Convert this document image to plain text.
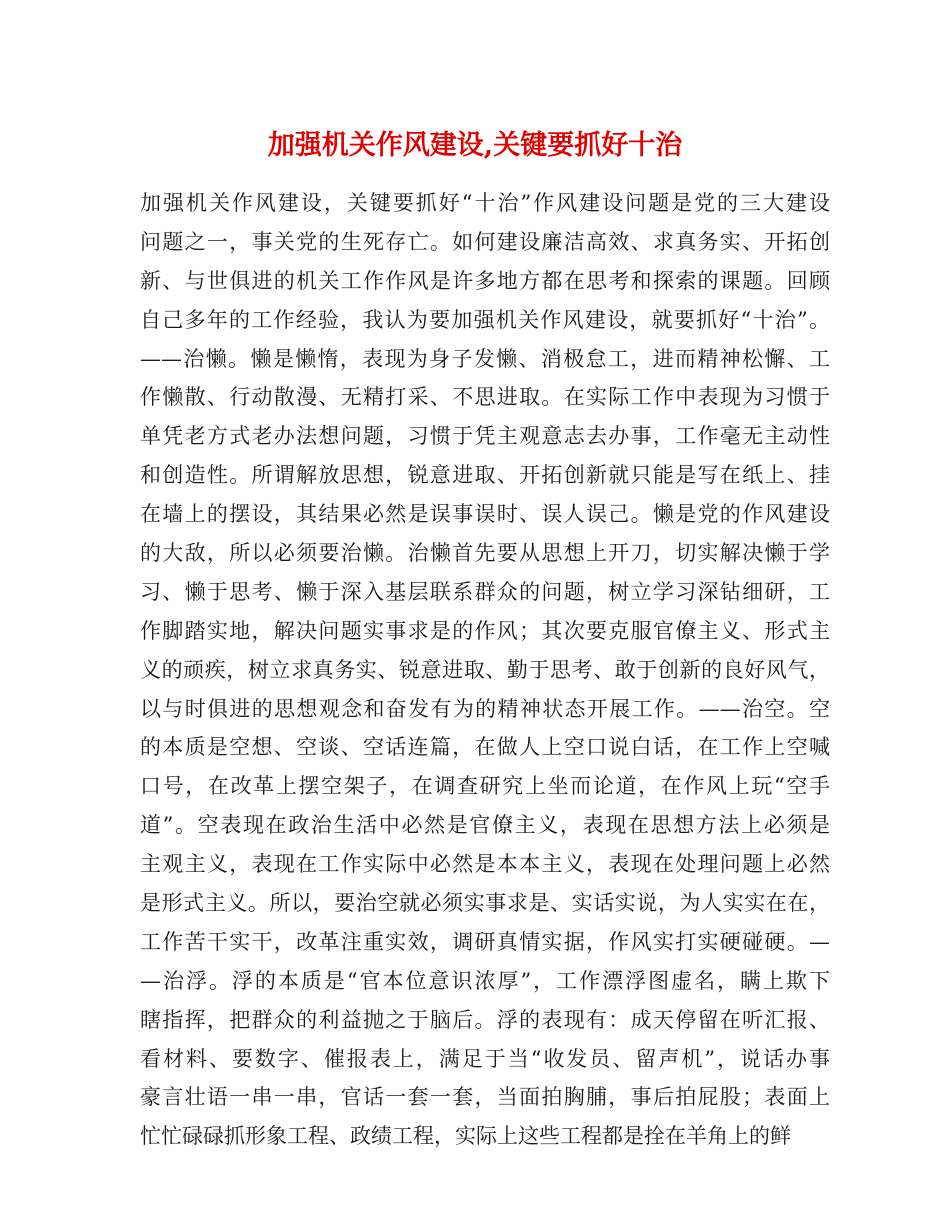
加强机关作风建设,关键要抓好十治
加强机关作风建设，关键要抓好“十治”作风建设问题是党的三大建设
问题之一，事关党的生死存亡。如何建设廉洁高效、求真务实、开拓创
新、与世俱进的机关工作作风是许多地方都在思考和探索的课题。回顾
自己多年的工作经验，我认为要加强机关作风建设，就要抓好“十治”。
——治懒。懒是懒惰，表现为身子发懒、消极怠工，进而精神松懈、工
作懒散、行动散漫、无精打采、不思进取。在实际工作中表现为习惯于
单凭老方式老办法想问题，习惯于凭主观意志去办事，工作毫无主动性
和创造性。所谓解放思想，锐意进取、开拓创新就只能是写在纸上、挂
在墙上的摆设，其结果必然是误事误时、误人误己。懒是党的作风建设
的大敌，所以必须要治懒。治懒首先要从思想上开刀，切实解决懒于学
习、懒于思考、懒于深入基层联系群众的问题，树立学习深钻细研，工
作脚踏实地，解决问题实事求是的作风；其次要克服官僚主义、形式主
义的顽疾，树立求真务实、锐意进取、勤于思考、敢于创新的良好风气，
以与时俱进的思想观念和奋发有为的精神状态开展工作。——治空。空
的本质是空想、空谈、空话连篇，在做人上空口说白话，在工作上空喊
口号，在改革上摆空架子，在调查研究上坐而论道，在作风上玩“空手
道”。空表现在政治生活中必然是官僚主义，表现在思想方法上必须是
主观主义，表现在工作实际中必然是本本主义，表现在处理问题上必然
是形式主义。所以，要治空就必须实事求是、实话实说，为人实实在在，
工作苦干实干，改革注重实效，调研真情实据，作风实打实硬碰硬。—
—治浮。浮的本质是“官本位意识浓厚”，工作漂浮图虚名，瞒上欺下
瞎指挥，把群众的利益抛之于脑后。浮的表现有：成天停留在听汇报、
看材料、要数字、催报表上，满足于当“收发员、留声机”，说话办事
豪言壮语一串一串，官话一套一套，当面拍胸脯，事后拍屁股；表面上
忙忙碌碌抓形象工程、政绩工程，实际上这些工程都是拴在羊角上的鲜
